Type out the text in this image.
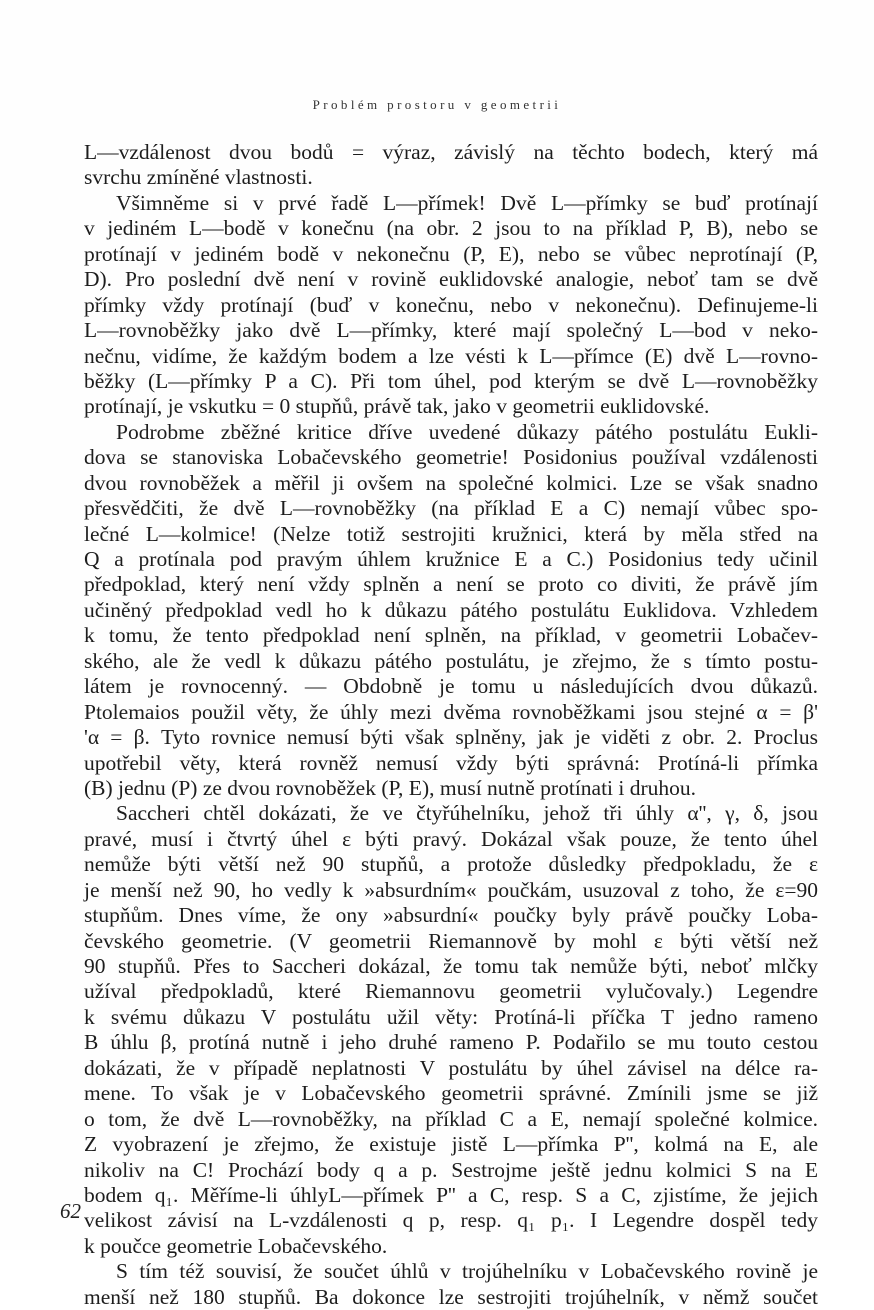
Problém prostoru v geometrii
L—vzdálenost dvou bodů = výraz, závislý na těchto bodech, který má
svrchu zmíněné vlastnosti.
Všimněme si v prvé řadě L—přímek! Dvě L—přímky se buď protínají
v jediném L—bodě v konečnu (na obr. 2 jsou to na příklad P, B), nebo se
protínají v jediném bodě v nekonečnu (P, E), nebo se vůbec neprotínají (P,
D). Pro poslední dvě není v rovině euklidovské analogie, neboť tam se dvě
přímky vždy protínají (buď v konečnu, nebo v nekonečnu). Definujeme-li
L—rovnoběžky jako dvě L—přímky, které mají společný L—bod v neko-
nečnu, vidíme, že každým bodem a lze vésti k L—přímce (E) dvě L—rovno-
běžky (L—přímky P a C). Při tom úhel, pod kterým se dvě L—rovnoběžky
protínají, je vskutku = 0 stupňů, právě tak, jako v geometrii euklidovské.
Podrobme zběžné kritice dříve uvedené důkazy pátého postulátu Eukli-
dova se stanoviska Lobačevského geometrie! Posidonius používal vzdálenosti
dvou rovnoběžek a měřil ji ovšem na společné kolmici. Lze se však snadno
přesvědčiti, že dvě L—rovnoběžky (na příklad E a C) nemají vůbec spo-
lečné L—kolmice! (Nelze totiž sestrojiti kružnici, která by měla střed na
Q a protínala pod pravým úhlem kružnice E a C.) Posidonius tedy učinil
předpoklad, který není vždy splněn a není se proto co diviti, že právě jím
učiněný předpoklad vedl ho k důkazu pátého postulátu Euklidova. Vzhledem
k tomu, že tento předpoklad není splněn, na příklad, v geometrii Lobačev-
ského, ale že vedl k důkazu pátého postulátu, je zřejmo, že s tímto postu-
látem je rovnocenný. — Obdobně je tomu u následujících dvou důkazů.
Ptolemaios použil věty, že úhly mezi dvěma rovnoběžkami jsou stejné α = β'
'α = β. Tyto rovnice nemusí býti však splněny, jak je viděti z obr. 2. Proclus
upotřebil věty, která rovněž nemusí vždy býti správná: Protíná-li přímka
(B) jednu (P) ze dvou rovnoběžek (P, E), musí nutně protínati i druhou.
Saccheri chtěl dokázati, že ve čtyřúhelníku, jehož tři úhly α'', γ, δ, jsou
pravé, musí i čtvrtý úhel ε býti pravý. Dokázal však pouze, že tento úhel
nemůže býti větší než 90 stupňů, a protože důsledky předpokladu, že ε
je menší než 90, ho vedly k »absurdním« poučkám, usuzoval z toho, že ε=90
stupňům. Dnes víme, že ony »absurdní« poučky byly právě poučky Loba-
čevského geometrie. (V geometrii Riemannově by mohl ε býti větší než
90 stupňů. Přes to Saccheri dokázal, že tomu tak nemůže býti, neboť mlčky
užíval předpokladů, které Riemannovu geometrii vylučovaly.) Legendre
k svému důkazu V postulátu užil věty: Protíná-li příčka T jedno rameno
B úhlu β, protíná nutně i jeho druhé rameno P. Podařilo se mu touto cestou
dokázati, že v případě neplatnosti V postulátu by úhel závisel na délce ra-
mene. To však je v Lobačevského geometrii správné. Zmínili jsme se již
o tom, že dvě L—rovnoběžky, na příklad C a E, nemají společné kolmice.
Z vyobrazení je zřejmo, že existuje jistě L—přímka P'', kolmá na E, ale
nikoliv na C! Prochází body q a p. Sestrojme ještě jednu kolmici S na E
bodem q₁. Měříme-li úhlyL—přímek P'' a C, resp. S a C, zjistíme, že jejich
velikost závisí na L-vzdálenosti q p, resp. q₁ p₁. I Legendre dospěl tedy
k poučce geometrie Lobačevského.
S tím též souvisí, že součet úhlů v trojúhelníku v Lobačevského rovině je
menší než 180 stupňů. Ba dokonce lze sestrojiti trojúhelník, v němž součet
62
